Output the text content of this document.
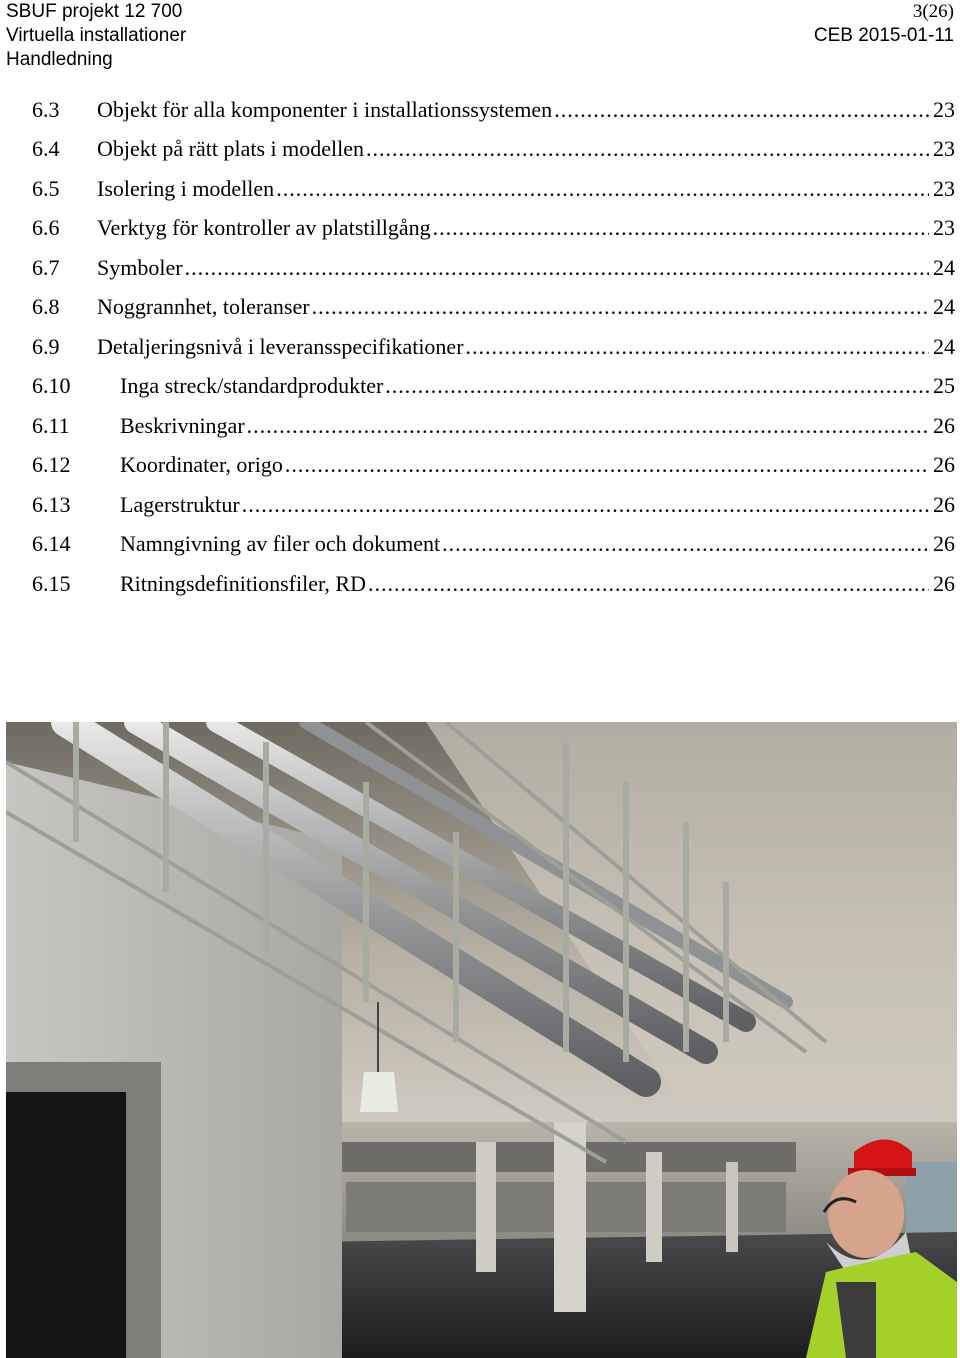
SBUF projekt 12 700
Virtuella installationer
Handledning
3(26)
CEB 2015-01-11
6.3 Objekt för alla komponenter i installationssystemen .....	23
6.4 Objekt på rätt plats i modellen .....	23
6.5 Isolering i modellen .....	23
6.6 Verktyg för kontroller av platstillgång .....	23
6.7 Symboler .....	24
6.8 Noggrannhet, toleranser .....	24
6.9 Detaljeringsnivå i leveransspecifikationer .....	24
6.10 Inga streck/standardprodukter .....	25
6.11 Beskrivningar .....	26
6.12 Koordinater, origo .....	26
6.13 Lagerstruktur .....	26
6.14 Namngivning av filer och dokument .....	26
6.15 Ritningsdefinitionsfiler, RD .....	26
